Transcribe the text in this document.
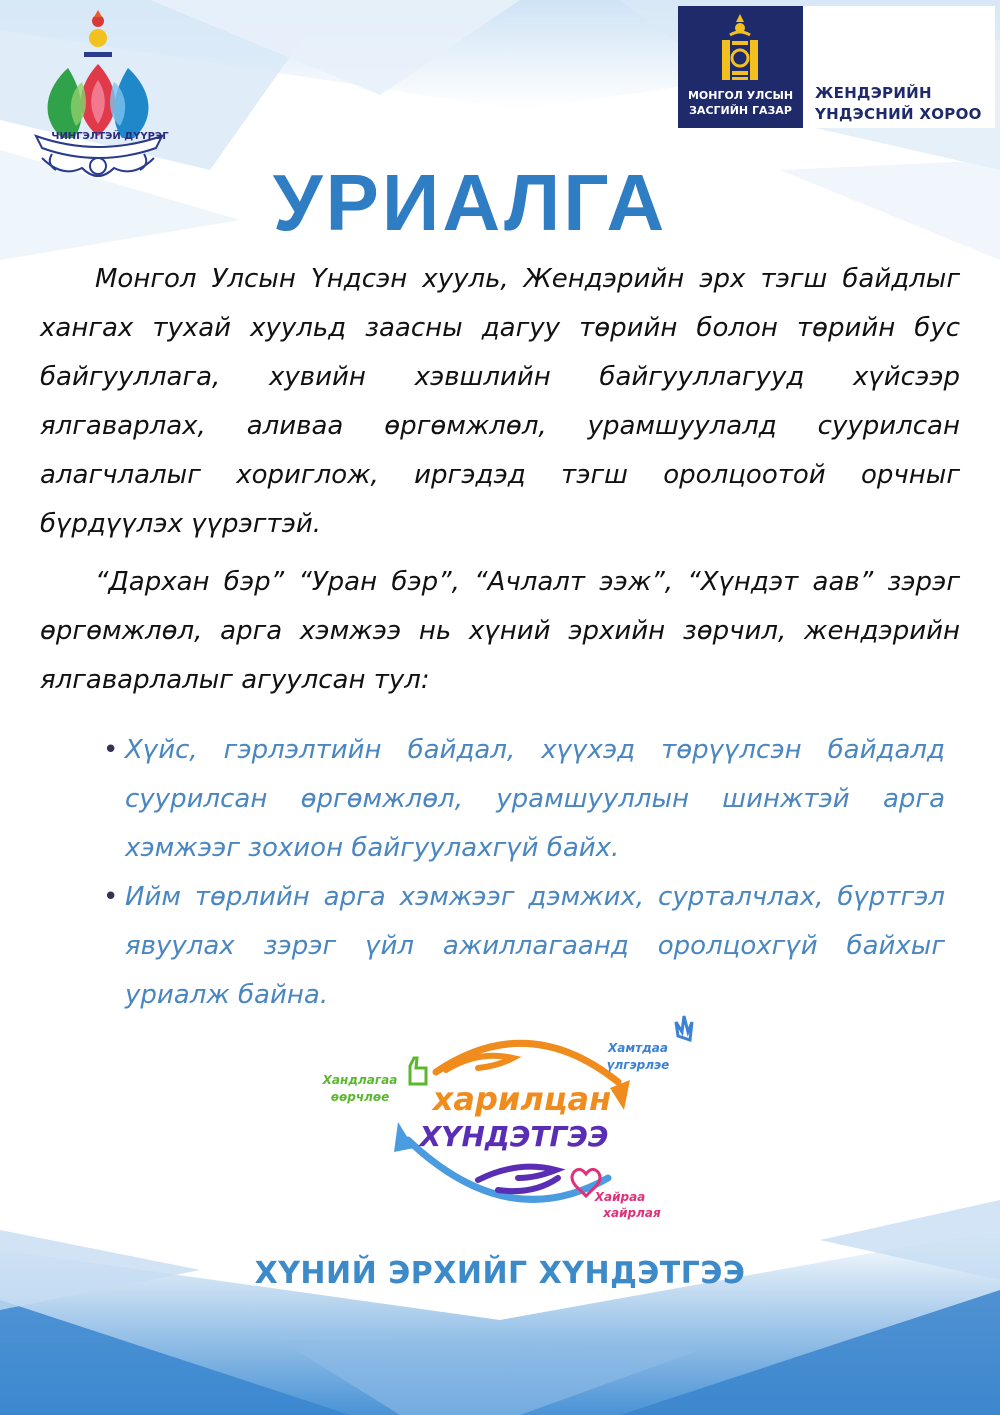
ЧИНГЭЛТЭЙ ДҮҮРЭГ
МОНГОЛ УЛСЫН
ЗАСГИЙН ГАЗАР
ЖЕНДЭРИЙН
ҮНДЭСНИЙ ХОРОО
УРИАЛГА

Монгол Улсын Үндсэн хууль, Жендэрийн эрх тэгш байдлыг хангах тухай хуульд заасны дагуу төрийн болон төрийн бус байгууллага, хувийн хэвшлийн байгууллагууд хүйсээр ялгаварлах, аливаа өргөмжлөл, урамшуулалд суурилсан алагчлалыг хориглож, иргэдэд тэгш оролцоотой орчныг бүрдүүлэх үүрэгтэй.

“Дархан бэр” “Уран бэр”, “Ачлалт ээж”, “Хүндэт аав” зэрэг өргөмжлөл, арга хэмжээ нь хүний эрхийн зөрчил, жендэрийн ялгаварлалыг агуулсан тул:

• Хүйс, гэрлэлтийн байдал, хүүхэд төрүүлсэн байдалд суурилсан өргөмжлөл, урамшууллын шинжтэй арга хэмжээг зохион байгуулахгүй байх.
• Ийм төрлийн арга хэмжээг дэмжих, сурталчлах, бүртгэл явуулах зэрэг үйл ажиллагаанд оролцохгүй байхыг уриалж байна.
харилцан
ХҮНДЭТГЭЭ
Хандлагаа
өөрчлөе
Хамтдаа
үлгэрлэе
Хайраа
хайрлая
ХҮНИЙ ЭРХИЙГ ХҮНДЭТГЭЭ
